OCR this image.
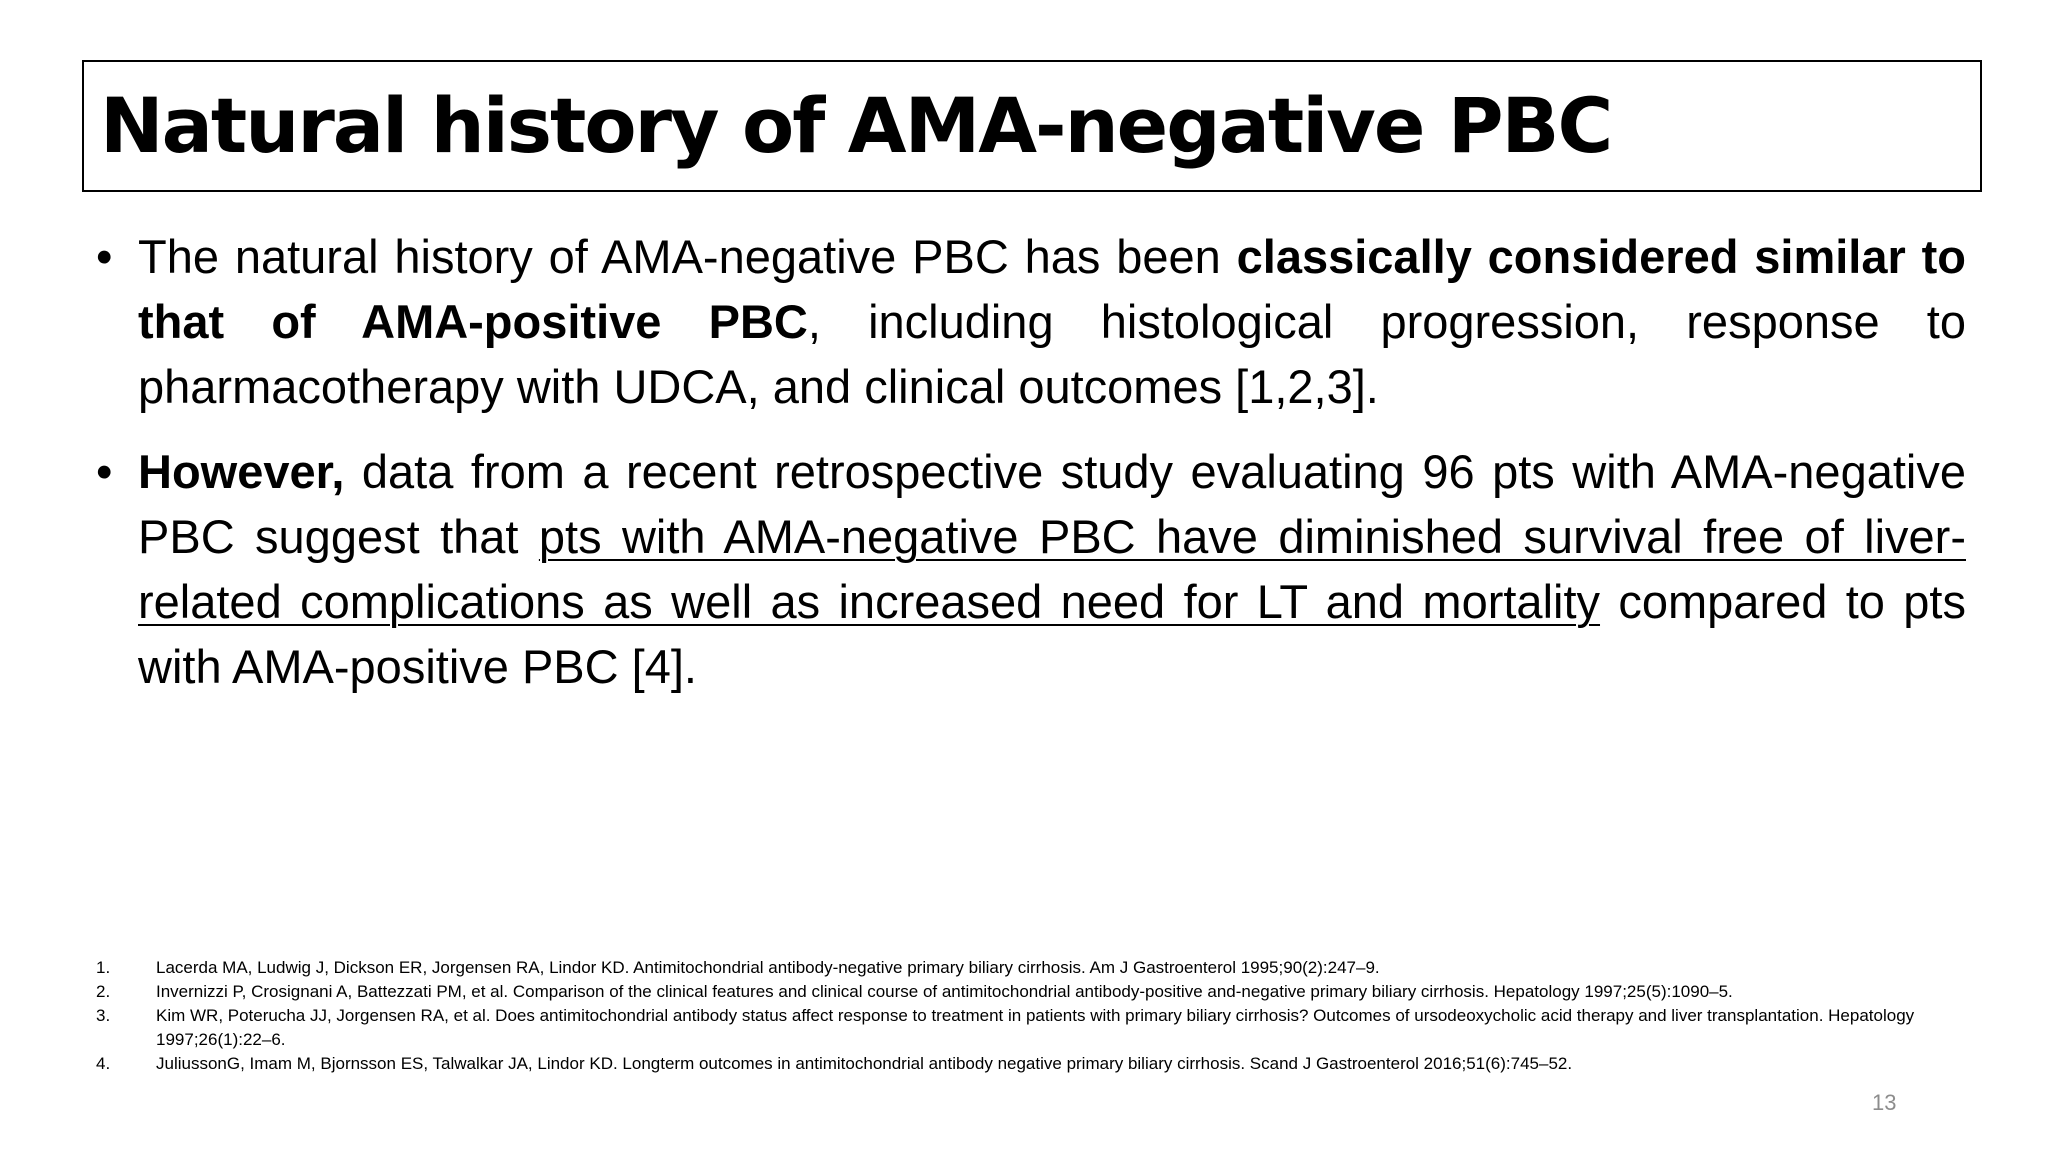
Natural history of AMA-negative PBC
• The natural history of AMA-negative PBC has been classically considered similar to that of AMA-positive PBC, including histological progression, response to pharmacotherapy with UDCA, and clinical outcomes [1,2,3].
• However, data from a recent retrospective study evaluating 96 pts with AMA-negative PBC suggest that pts with AMA-negative PBC have diminished survival free of liver-related complications as well as increased need for LT and mortality compared to pts with AMA-positive PBC [4].
1.	Lacerda MA, Ludwig J, Dickson ER, Jorgensen RA, Lindor KD. Antimitochondrial antibody-negative primary biliary cirrhosis. Am J Gastroenterol 1995;90(2):247–9.
2.	Invernizzi P, Crosignani A, Battezzati PM, et al. Comparison of the clinical features and clinical course of antimitochondrial antibody-positive and-negative primary biliary cirrhosis. Hepatology 1997;25(5):1090–5.
3.	Kim WR, Poterucha JJ, Jorgensen RA, et al. Does antimitochondrial antibody status affect response to treatment in patients with primary biliary cirrhosis? Outcomes of ursodeoxycholic acid therapy and liver transplantation. Hepatology 1997;26(1):22–6.
4.	JuliussonG, Imam M, Bjornsson ES, Talwalkar JA, Lindor KD. Longterm outcomes in antimitochondrial antibody negative primary biliary cirrhosis. Scand J Gastroenterol 2016;51(6):745–52.
13
